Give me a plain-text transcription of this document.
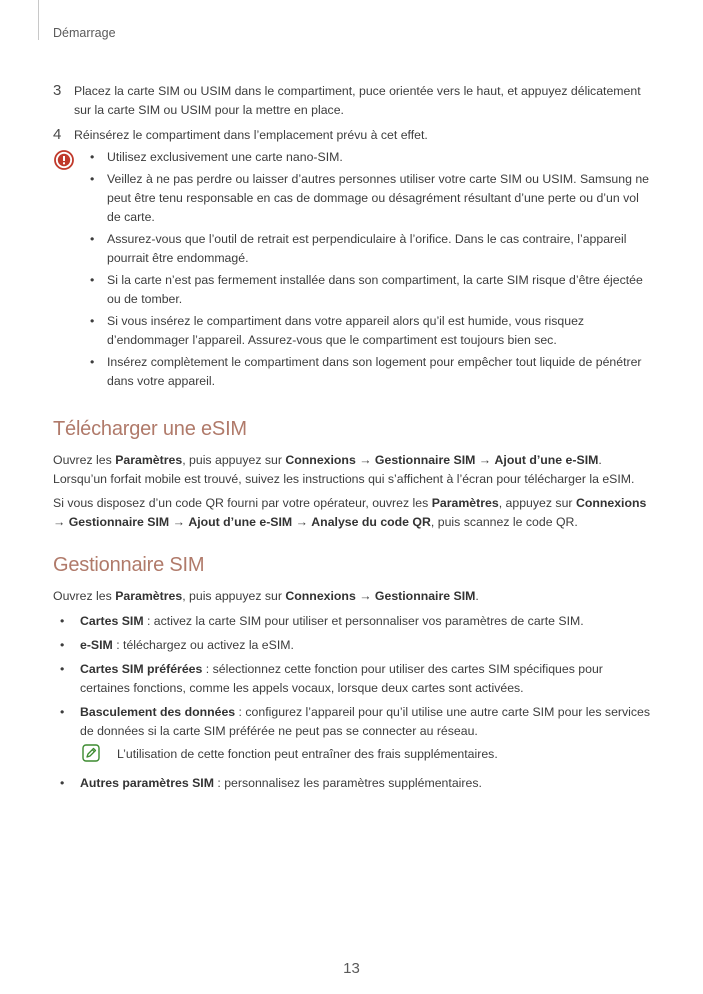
Démarrage
3 Placez la carte SIM ou USIM dans le compartiment, puce orientée vers le haut, et appuyez délicatement sur la carte SIM ou USIM pour la mettre en place.
4 Réinsérez le compartiment dans l’emplacement prévu à cet effet.
• Utilisez exclusivement une carte nano-SIM.
• Veillez à ne pas perdre ou laisser d’autres personnes utiliser votre carte SIM ou USIM. Samsung ne peut être tenu responsable en cas de dommage ou désagrément résultant d’une perte ou d’un vol de carte.
• Assurez-vous que l’outil de retrait est perpendiculaire à l’orifice. Dans le cas contraire, l’appareil pourrait être endommagé.
• Si la carte n’est pas fermement installée dans son compartiment, la carte SIM risque d’être éjectée ou de tomber.
• Si vous insérez le compartiment dans votre appareil alors qu’il est humide, vous risquez d’endommager l’appareil. Assurez-vous que le compartiment est toujours bien sec.
• Insérez complètement le compartiment dans son logement pour empêcher tout liquide de pénétrer dans votre appareil.
Télécharger une eSIM

Ouvrez les Paramètres, puis appuyez sur Connexions → Gestionnaire SIM → Ajout d’une e-SIM. Lorsqu’un forfait mobile est trouvé, suivez les instructions qui s’affichent à l’écran pour télécharger la eSIM.

Si vous disposez d’un code QR fourni par votre opérateur, ouvrez les Paramètres, appuyez sur Connexions → Gestionnaire SIM → Ajout d’une e-SIM → Analyse du code QR, puis scannez le code QR.

Gestionnaire SIM

Ouvrez les Paramètres, puis appuyez sur Connexions → Gestionnaire SIM.

• Cartes SIM : activez la carte SIM pour utiliser et personnaliser vos paramètres de carte SIM.
• e-SIM : téléchargez ou activez la eSIM.
• Cartes SIM préférées : sélectionnez cette fonction pour utiliser des cartes SIM spécifiques pour certaines fonctions, comme les appels vocaux, lorsque deux cartes sont activées.
• Basculement des données : configurez l’appareil pour qu’il utilise une autre carte SIM pour les services de données si la carte SIM préférée ne peut pas se connecter au réseau.
L’utilisation de cette fonction peut entraîner des frais supplémentaires.
• Autres paramètres SIM : personnalisez les paramètres supplémentaires.
13
